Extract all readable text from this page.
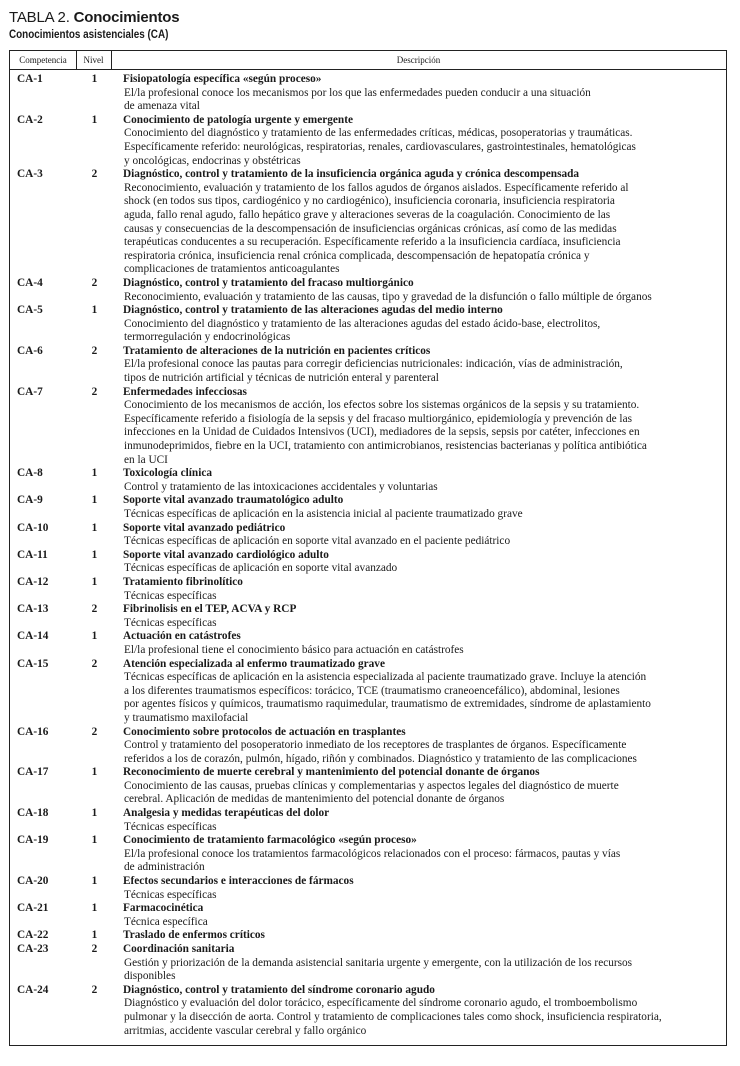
TABLA 2. Conocimientos
Conocimientos asistenciales (CA)
Competencia	Nivel	Descripción
CA-1	1	Fisiopatología específica «según proceso»
El/la profesional conoce los mecanismos por los que las enfermedades pueden conducir a una situación
de amenaza vital
CA-2	1	Conocimiento de patología urgente y emergente
Conocimiento del diagnóstico y tratamiento de las enfermedades críticas, médicas, posoperatorias y traumáticas.
Específicamente referido: neurológicas, respiratorias, renales, cardiovasculares, gastrointestinales, hematológicas
y oncológicas, endocrinas y obstétricas
CA-3	2	Diagnóstico, control y tratamiento de la insuficiencia orgánica aguda y crónica descompensada
Reconocimiento, evaluación y tratamiento de los fallos agudos de órganos aislados. Específicamente referido al
shock (en todos sus tipos, cardiogénico y no cardiogénico), insuficiencia coronaria, insuficiencia respiratoria
aguda, fallo renal agudo, fallo hepático grave y alteraciones severas de la coagulación. Conocimiento de las
causas y consecuencias de la descompensación de insuficiencias orgánicas crónicas, así como de las medidas
terapéuticas conducentes a su recuperación. Específicamente referido a la insuficiencia cardíaca, insuficiencia
respiratoria crónica, insuficiencia renal crónica complicada, descompensación de hepatopatía crónica y
complicaciones de tratamientos anticoagulantes
CA-4	2	Diagnóstico, control y tratamiento del fracaso multiorgánico
Reconocimiento, evaluación y tratamiento de las causas, tipo y gravedad de la disfunción o fallo múltiple de órganos
CA-5	1	Diagnóstico, control y tratamiento de las alteraciones agudas del medio interno
Conocimiento del diagnóstico y tratamiento de las alteraciones agudas del estado ácido-base, electrolitos,
termorregulación y endocrinológicas
CA-6	2	Tratamiento de alteraciones de la nutrición en pacientes críticos
El/la profesional conoce las pautas para corregir deficiencias nutricionales: indicación, vías de administración,
tipos de nutrición artificial y técnicas de nutrición enteral y parenteral
CA-7	2	Enfermedades infecciosas
Conocimiento de los mecanismos de acción, los efectos sobre los sistemas orgánicos de la sepsis y su tratamiento.
Específicamente referido a fisiología de la sepsis y del fracaso multiorgánico, epidemiología y prevención de las
infecciones en la Unidad de Cuidados Intensivos (UCI), mediadores de la sepsis, sepsis por catéter, infecciones en
inmunodeprimidos, fiebre en la UCI, tratamiento con antimicrobianos, resistencias bacterianas y política antibiótica
en la UCI
CA-8	1	Toxicología clínica
Control y tratamiento de las intoxicaciones accidentales y voluntarias
CA-9	1	Soporte vital avanzado traumatológico adulto
Técnicas específicas de aplicación en la asistencia inicial al paciente traumatizado grave
CA-10	1	Soporte vital avanzado pediátrico
Técnicas específicas de aplicación en soporte vital avanzado en el paciente pediátrico
CA-11	1	Soporte vital avanzado cardiológico adulto
Técnicas específicas de aplicación en soporte vital avanzado
CA-12	1	Tratamiento fibrinolítico
Técnicas específicas
CA-13	2	Fibrinolisis en el TEP, ACVA y RCP
Técnicas específicas
CA-14	1	Actuación en catástrofes
El/la profesional tiene el conocimiento básico para actuación en catástrofes
CA-15	2	Atención especializada al enfermo traumatizado grave
Técnicas específicas de aplicación en la asistencia especializada al paciente traumatizado grave. Incluye la atención
a los diferentes traumatismos específicos: torácico, TCE (traumatismo craneoencefálico), abdominal, lesiones
por agentes físicos y químicos, traumatismo raquimedular, traumatismo de extremidades, síndrome de aplastamiento
y traumatismo maxilofacial
CA-16	2	Conocimiento sobre protocolos de actuación en trasplantes
Control y tratamiento del posoperatorio inmediato de los receptores de trasplantes de órganos. Específicamente
referidos a los de corazón, pulmón, hígado, riñón y combinados. Diagnóstico y tratamiento de las complicaciones
CA-17	1	Reconocimiento de muerte cerebral y mantenimiento del potencial donante de órganos
Conocimiento de las causas, pruebas clínicas y complementarias y aspectos legales del diagnóstico de muerte
cerebral. Aplicación de medidas de mantenimiento del potencial donante de órganos
CA-18	1	Analgesia y medidas terapéuticas del dolor
Técnicas específicas
CA-19	1	Conocimiento de tratamiento farmacológico «según proceso»
El/la profesional conoce los tratamientos farmacológicos relacionados con el proceso: fármacos, pautas y vías
de administración
CA-20	1	Efectos secundarios e interacciones de fármacos
Técnicas específicas
CA-21	1	Farmacocinética
Técnica específica
CA-22	1	Traslado de enfermos críticos
CA-23	2	Coordinación sanitaria
Gestión y priorización de la demanda asistencial sanitaria urgente y emergente, con la utilización de los recursos
disponibles
CA-24	2	Diagnóstico, control y tratamiento del síndrome coronario agudo
Diagnóstico y evaluación del dolor torácico, específicamente del síndrome coronario agudo, el tromboembolismo
pulmonar y la disección de aorta. Control y tratamiento de complicaciones tales como shock, insuficiencia respiratoria,
arritmias, accidente vascular cerebral y fallo orgánico
